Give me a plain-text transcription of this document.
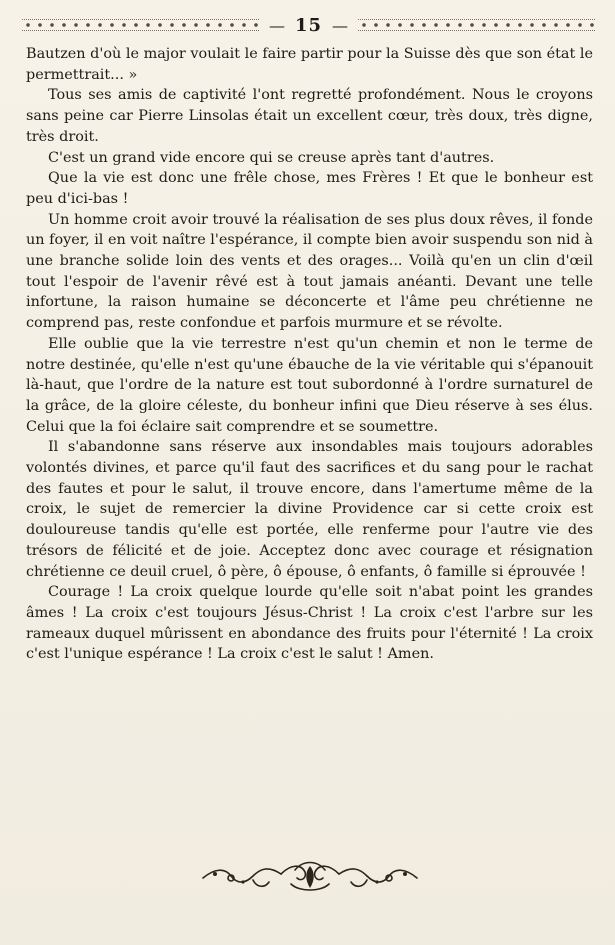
— 15 —

Bautzen d'où le major voulait le faire partir pour la Suisse dès que son état le permettrait... »

Tous ses amis de captivité l'ont regretté profondément. Nous le croyons sans peine car Pierre Linsolas était un excellent cœur, très doux, très digne, très droit.

C'est un grand vide encore qui se creuse après tant d'autres.

Que la vie est donc une frêle chose, mes Frères ! Et que le bonheur est peu d'ici-bas !

Un homme croit avoir trouvé la réalisation de ses plus doux rêves, il fonde un foyer, il en voit naître l'espérance, il compte bien avoir suspendu son nid à une branche solide loin des vents et des orages... Voilà qu'en un clin d'œil tout l'espoir de l'avenir rêvé est à tout jamais anéanti. Devant une telle infortune, la raison humaine se déconcerte et l'âme peu chrétienne ne comprend pas, reste confondue et parfois murmure et se révolte.

Elle oublie que la vie terrestre n'est qu'un chemin et non le terme de notre destinée, qu'elle n'est qu'une ébauche de la vie véritable qui s'épanouit là-haut, que l'ordre de la nature est tout subordonné à l'ordre surnaturel de la grâce, de la gloire céleste, du bonheur infini que Dieu réserve à ses élus. Celui que la foi éclaire sait comprendre et se soumettre.

Il s'abandonne sans réserve aux insondables mais toujours adorables volontés divines, et parce qu'il faut des sacrifices et du sang pour le rachat des fautes et pour le salut, il trouve encore, dans l'amertume même de la croix, le sujet de remercier la divine Providence car si cette croix est douloureuse tandis qu'elle est portée, elle renferme pour l'autre vie des trésors de félicité et de joie. Acceptez donc avec courage et résignation chrétienne ce deuil cruel, ô père, ô épouse, ô enfants, ô famille si éprouvée !

Courage ! La croix quelque lourde qu'elle soit n'abat point les grandes âmes ! La croix c'est toujours Jésus-Christ ! La croix c'est l'arbre sur les rameaux duquel mûrissent en abondance des fruits pour l'éternité ! La croix c'est l'unique espérance ! La croix c'est le salut ! Amen.
